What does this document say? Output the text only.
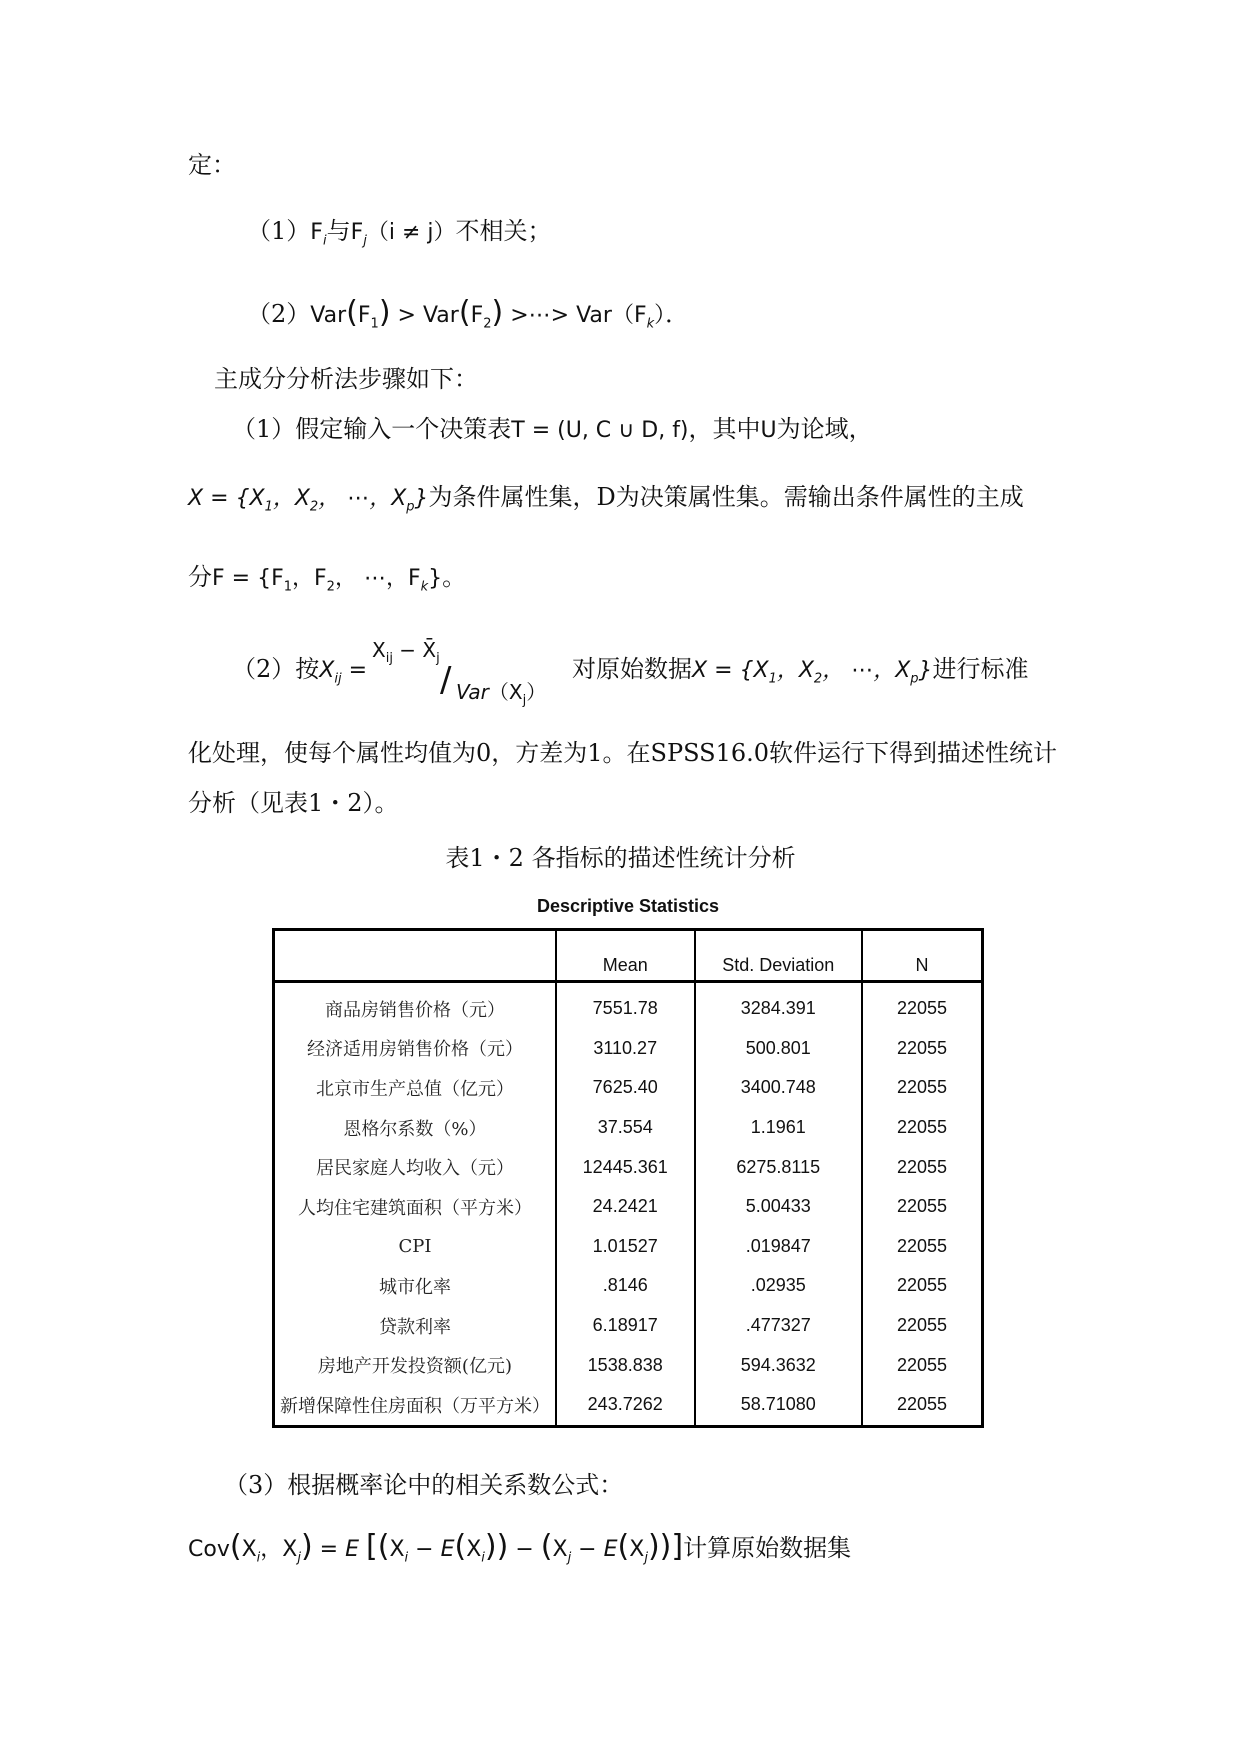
定：
$(1)F_i$与$F_j(i \ne j)$不相关；
$(2)Var(F_1) > Var(F_2)$ >⋯> $Var(F_k)$．
主成分分析法步骤如下：
（1）假定输入一个决策表T = (U, C ∪ D, f)，其中U为论域，
$X = \{X_1$，$X_2$， ⋯，$X_p$}为条件属性集，D为决策属性集。需输出条件属性的主成
分$F = \{F_1$，$F_2$， ⋯，$F_k$}。
（2）按$X_{ij}$ =
$X_{ij}$ − $X̄_j$
/ $Var(X_j)$
对原始数据$X = \{X_1$，$X_2$， ⋯，$X_p$}进行标准
化处理，使每个属性均值为0，方差为1。在SPSS16.0软件运行下得到描述性统计
分析（见表1・2）。
表1・2 各指标的描述性统计分析
Descriptive Statistics
	Mean	Std. Deviation	N
商品房销售价格（元）	7551.78	3284.391	22055
经济适用房销售价格（元）	3110.27	500.801	22055
北京市生产总值（亿元）	7625.40	3400.748	22055
恩格尔系数（%）	37.554	1.1961	22055
居民家庭人均收入（元）	12445.361	6275.8115	22055
人均住宅建筑面积（平方米）	24.2421	5.00433	22055
CPI	1.01527	.019847	22055
城市化率	.8146	.02935	22055
贷款利率	6.18917	.477327	22055
房地产开发投资额(亿元)	1538.838	594.3632	22055
新增保障性住房面积（万平方米）	243.7262	58.71080	22055
（3）根据概率论中的相关系数公式：
$Cov(X_i$，$X_j) = E$ $[(X_i - E(X_i)) - (X_j - E(X_j))]$计算原始数据集
